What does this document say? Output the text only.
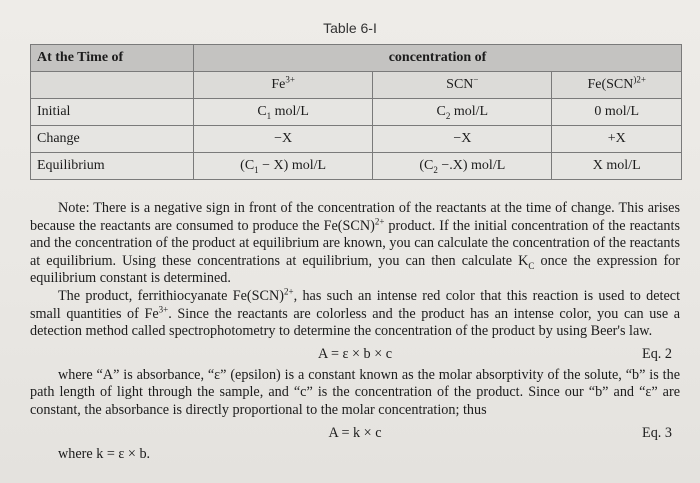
Table 6-I
At the Time of	concentration of		
	$Fe^{3+}$	SCN−	$Fe(SCN^{)2+}$
Initial	$C_1$ mol/L	$C_2$ mol/L	0 mol/L
Change	−X	−X	+X
Equilibrium	$(C_1 - X)$ mol/L	$(C_2 -.X)$ mol/L	X mol/L

Note: There is a negative sign in front of the concentration of the reactants at the time of change. This arises because the reactants are consumed to produce the Fe(SCN)$^{2+}$ product. If the initial concentration of the reactants and the concentration of the product at equilibrium are known, you can calculate the concentration of the reactants at equilibrium. Using these concentrations at equilibrium, you can then calculate $K_C$ once the expression for equilibrium constant is determined.

The product, ferrithiocyanate Fe(SCN)$^{2+}$, has such an intense red color that this reaction is used to detect small quantities of $Fe^{3+}$. Since the reactants are colorless and the product has an intense color, you can use a detection method called spectrophotometry to determine the concentration of the product by using Beer's law.

A = ε × b × c	Eq. 2

where “A” is absorbance, “ε” (epsilon) is a constant known as the molar absorptivity of the solute, “b” is the path length of light through the sample, and “c” is the concentration of the product. Since our “b” and “ε” are constant, the absorbance is directly proportional to the molar concentration; thus

A = k × c	Eq. 3

where k = ε × b.
